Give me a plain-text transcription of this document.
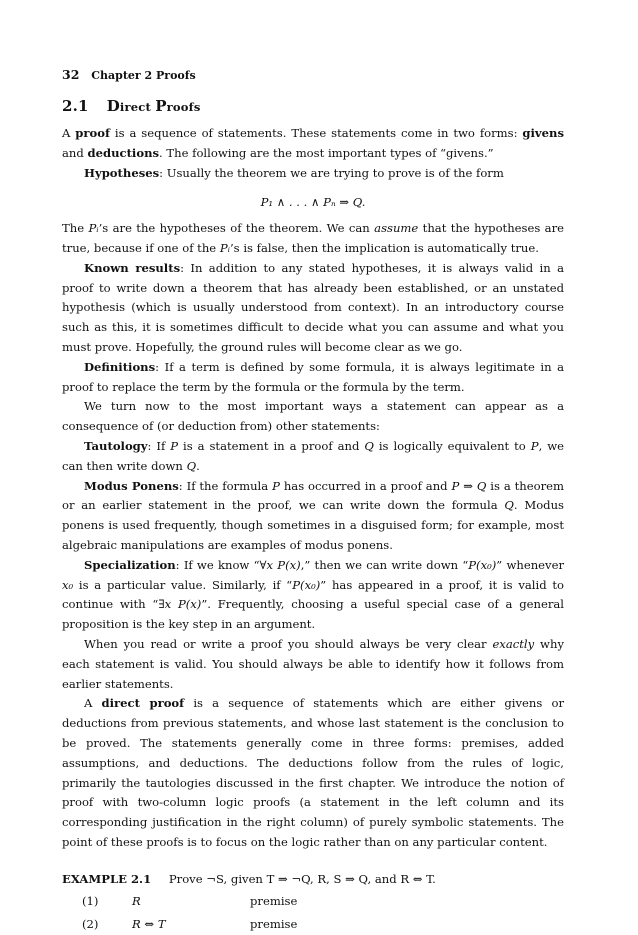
32 Chapter 2 Proofs
2.1 Direct Proofs

A proof is a sequence of statements. These statements come in two forms: givens and deductions. The following are the most important types of “givens.”

Hypotheses: Usually the theorem we are trying to prove is of the form

P₁ ∧ . . . ∧ Pₙ ⇒ Q.

The Pᵢ’s are the hypotheses of the theorem. We can assume that the hypotheses are true, because if one of the Pᵢ’s is false, then the implication is automatically true.

Known results: In addition to any stated hypotheses, it is always valid in a proof to write down a theorem that has already been established, or an unstated hypothesis (which is usually understood from context). In an introductory course such as this, it is sometimes difficult to decide what you can assume and what you must prove. Hopefully, the ground rules will become clear as we go.

Definitions: If a term is defined by some formula, it is always legitimate in a proof to replace the term by the formula or the formula by the term.

We turn now to the most important ways a statement can appear as a consequence of (or deduction from) other statements:

Tautology: If P is a statement in a proof and Q is logically equivalent to P, we can then write down Q.

Modus Ponens: If the formula P has occurred in a proof and P ⇒ Q is a theorem or an earlier statement in the proof, we can write down the formula Q. Modus ponens is used frequently, though sometimes in a disguised form; for example, most algebraic manipulations are examples of modus ponens.

Specialization: If we know “∀x P(x),” then we can write down “P(x₀)” whenever x₀ is a particular value. Similarly, if “P(x₀)” has appeared in a proof, it is valid to continue with “∃x P(x)”. Frequently, choosing a useful special case of a general proposition is the key step in an argument.

When you read or write a proof you should always be very clear exactly why each statement is valid. You should always be able to identify how it follows from earlier statements.

A direct proof is a sequence of statements which are either givens or deductions from previous statements, and whose last statement is the conclusion to be proved. The statements generally come in three forms: premises, added assumptions, and deductions. The deductions follow from the rules of logic, primarily the tautologies discussed in the first chapter. We introduce the notion of proof with two-column logic proofs (a statement in the left column and its corresponding justification in the right column) of purely symbolic statements. The point of these proofs is to focus on the logic rather than on any particular content.

EXAMPLE 2.1 Prove ¬S, given T ⇒ ¬Q, R, S ⇒ Q, and R ⇔ T.
(1)	R	premise
(2)	R ⇔ T	premise
